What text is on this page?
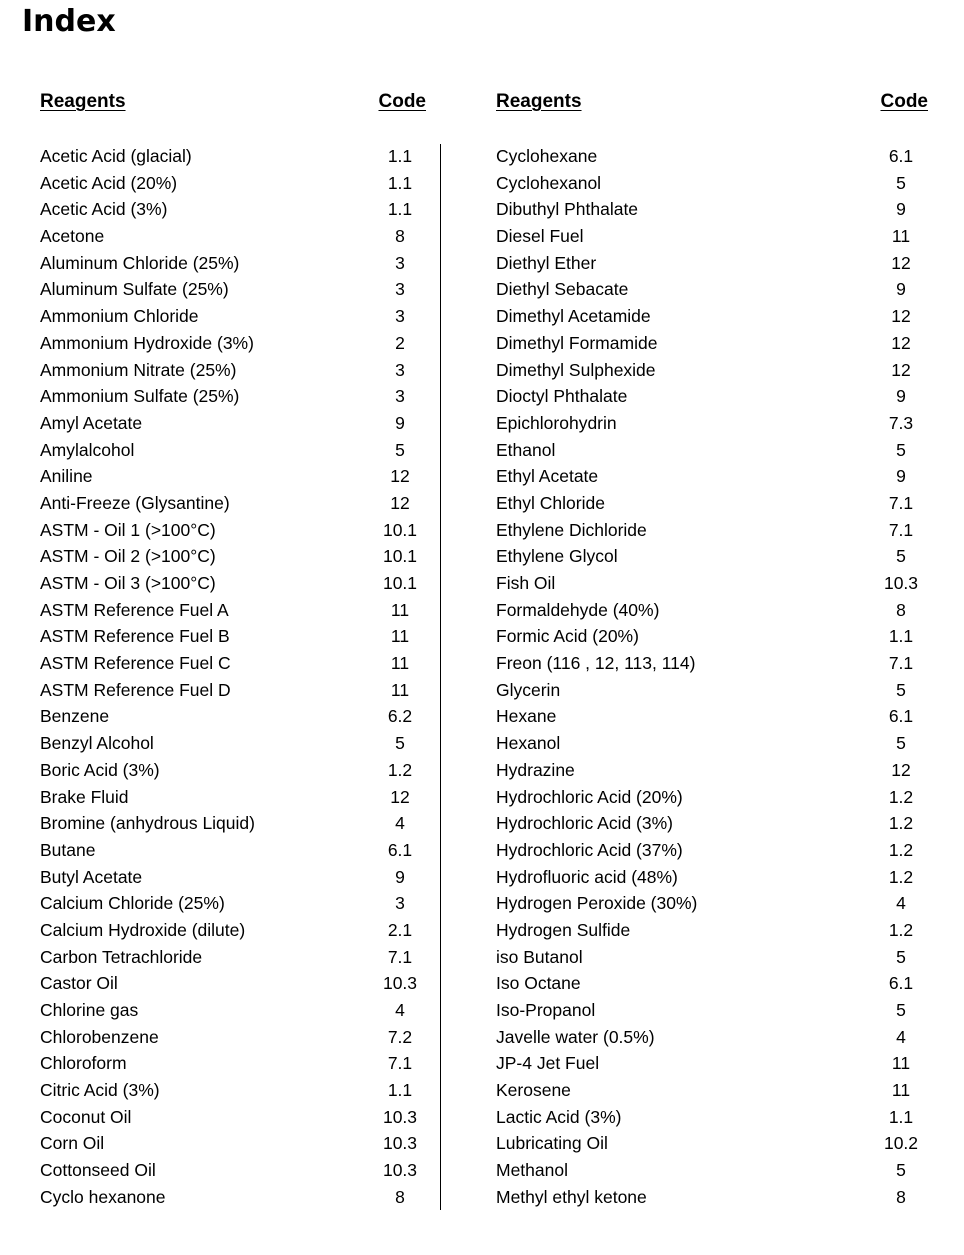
Index
Reagents	Code
Acetic Acid (glacial)	1.1
Acetic Acid (20%)	1.1
Acetic Acid (3%)	1.1
Acetone	8
Aluminum Chloride (25%)	3
Aluminum Sulfate (25%)	3
Ammonium Chloride	3
Ammonium Hydroxide (3%)	2
Ammonium Nitrate (25%)	3
Ammonium Sulfate (25%)	3
Amyl Acetate	9
Amylalcohol	5
Aniline	12
Anti-Freeze (Glysantine)	12
ASTM - Oil 1 (>100°C)	10.1
ASTM - Oil 2 (>100°C)	10.1
ASTM - Oil 3 (>100°C)	10.1
ASTM Reference Fuel A	11
ASTM Reference Fuel B	11
ASTM Reference Fuel C	11
ASTM Reference Fuel D	11
Benzene	6.2
Benzyl Alcohol	5
Boric Acid (3%)	1.2
Brake Fluid	12
Bromine (anhydrous Liquid)	4
Butane	6.1
Butyl Acetate	9
Calcium Chloride (25%)	3
Calcium Hydroxide (dilute)	2.1
Carbon Tetrachloride	7.1
Castor Oil	10.3
Chlorine gas	4
Chlorobenzene	7.2
Chloroform	7.1
Citric Acid (3%)	1.1
Coconut Oil	10.3
Corn Oil	10.3
Cottonseed Oil	10.3
Cyclo hexanone	8
Reagents	Code
Cyclohexane	6.1
Cyclohexanol	5
Dibuthyl Phthalate	9
Diesel Fuel	11
Diethyl Ether	12
Diethyl Sebacate	9
Dimethyl Acetamide	12
Dimethyl Formamide	12
Dimethyl Sulphexide	12
Dioctyl Phthalate	9
Epichlorohydrin	7.3
Ethanol	5
Ethyl Acetate	9
Ethyl Chloride	7.1
Ethylene Dichloride	7.1
Ethylene Glycol	5
Fish Oil	10.3
Formaldehyde (40%)	8
Formic Acid (20%)	1.1
Freon (116 , 12, 113, 114)	7.1
Glycerin	5
Hexane	6.1
Hexanol	5
Hydrazine	12
Hydrochloric Acid (20%)	1.2
Hydrochloric Acid (3%)	1.2
Hydrochloric Acid (37%)	1.2
Hydrofluoric acid (48%)	1.2
Hydrogen Peroxide (30%)	4
Hydrogen Sulfide	1.2
iso Butanol	5
Iso Octane	6.1
Iso-Propanol	5
Javelle water (0.5%)	4
JP-4 Jet Fuel	11
Kerosene	11
Lactic Acid (3%)	1.1
Lubricating Oil	10.2
Methanol	5
Methyl ethyl ketone	8
